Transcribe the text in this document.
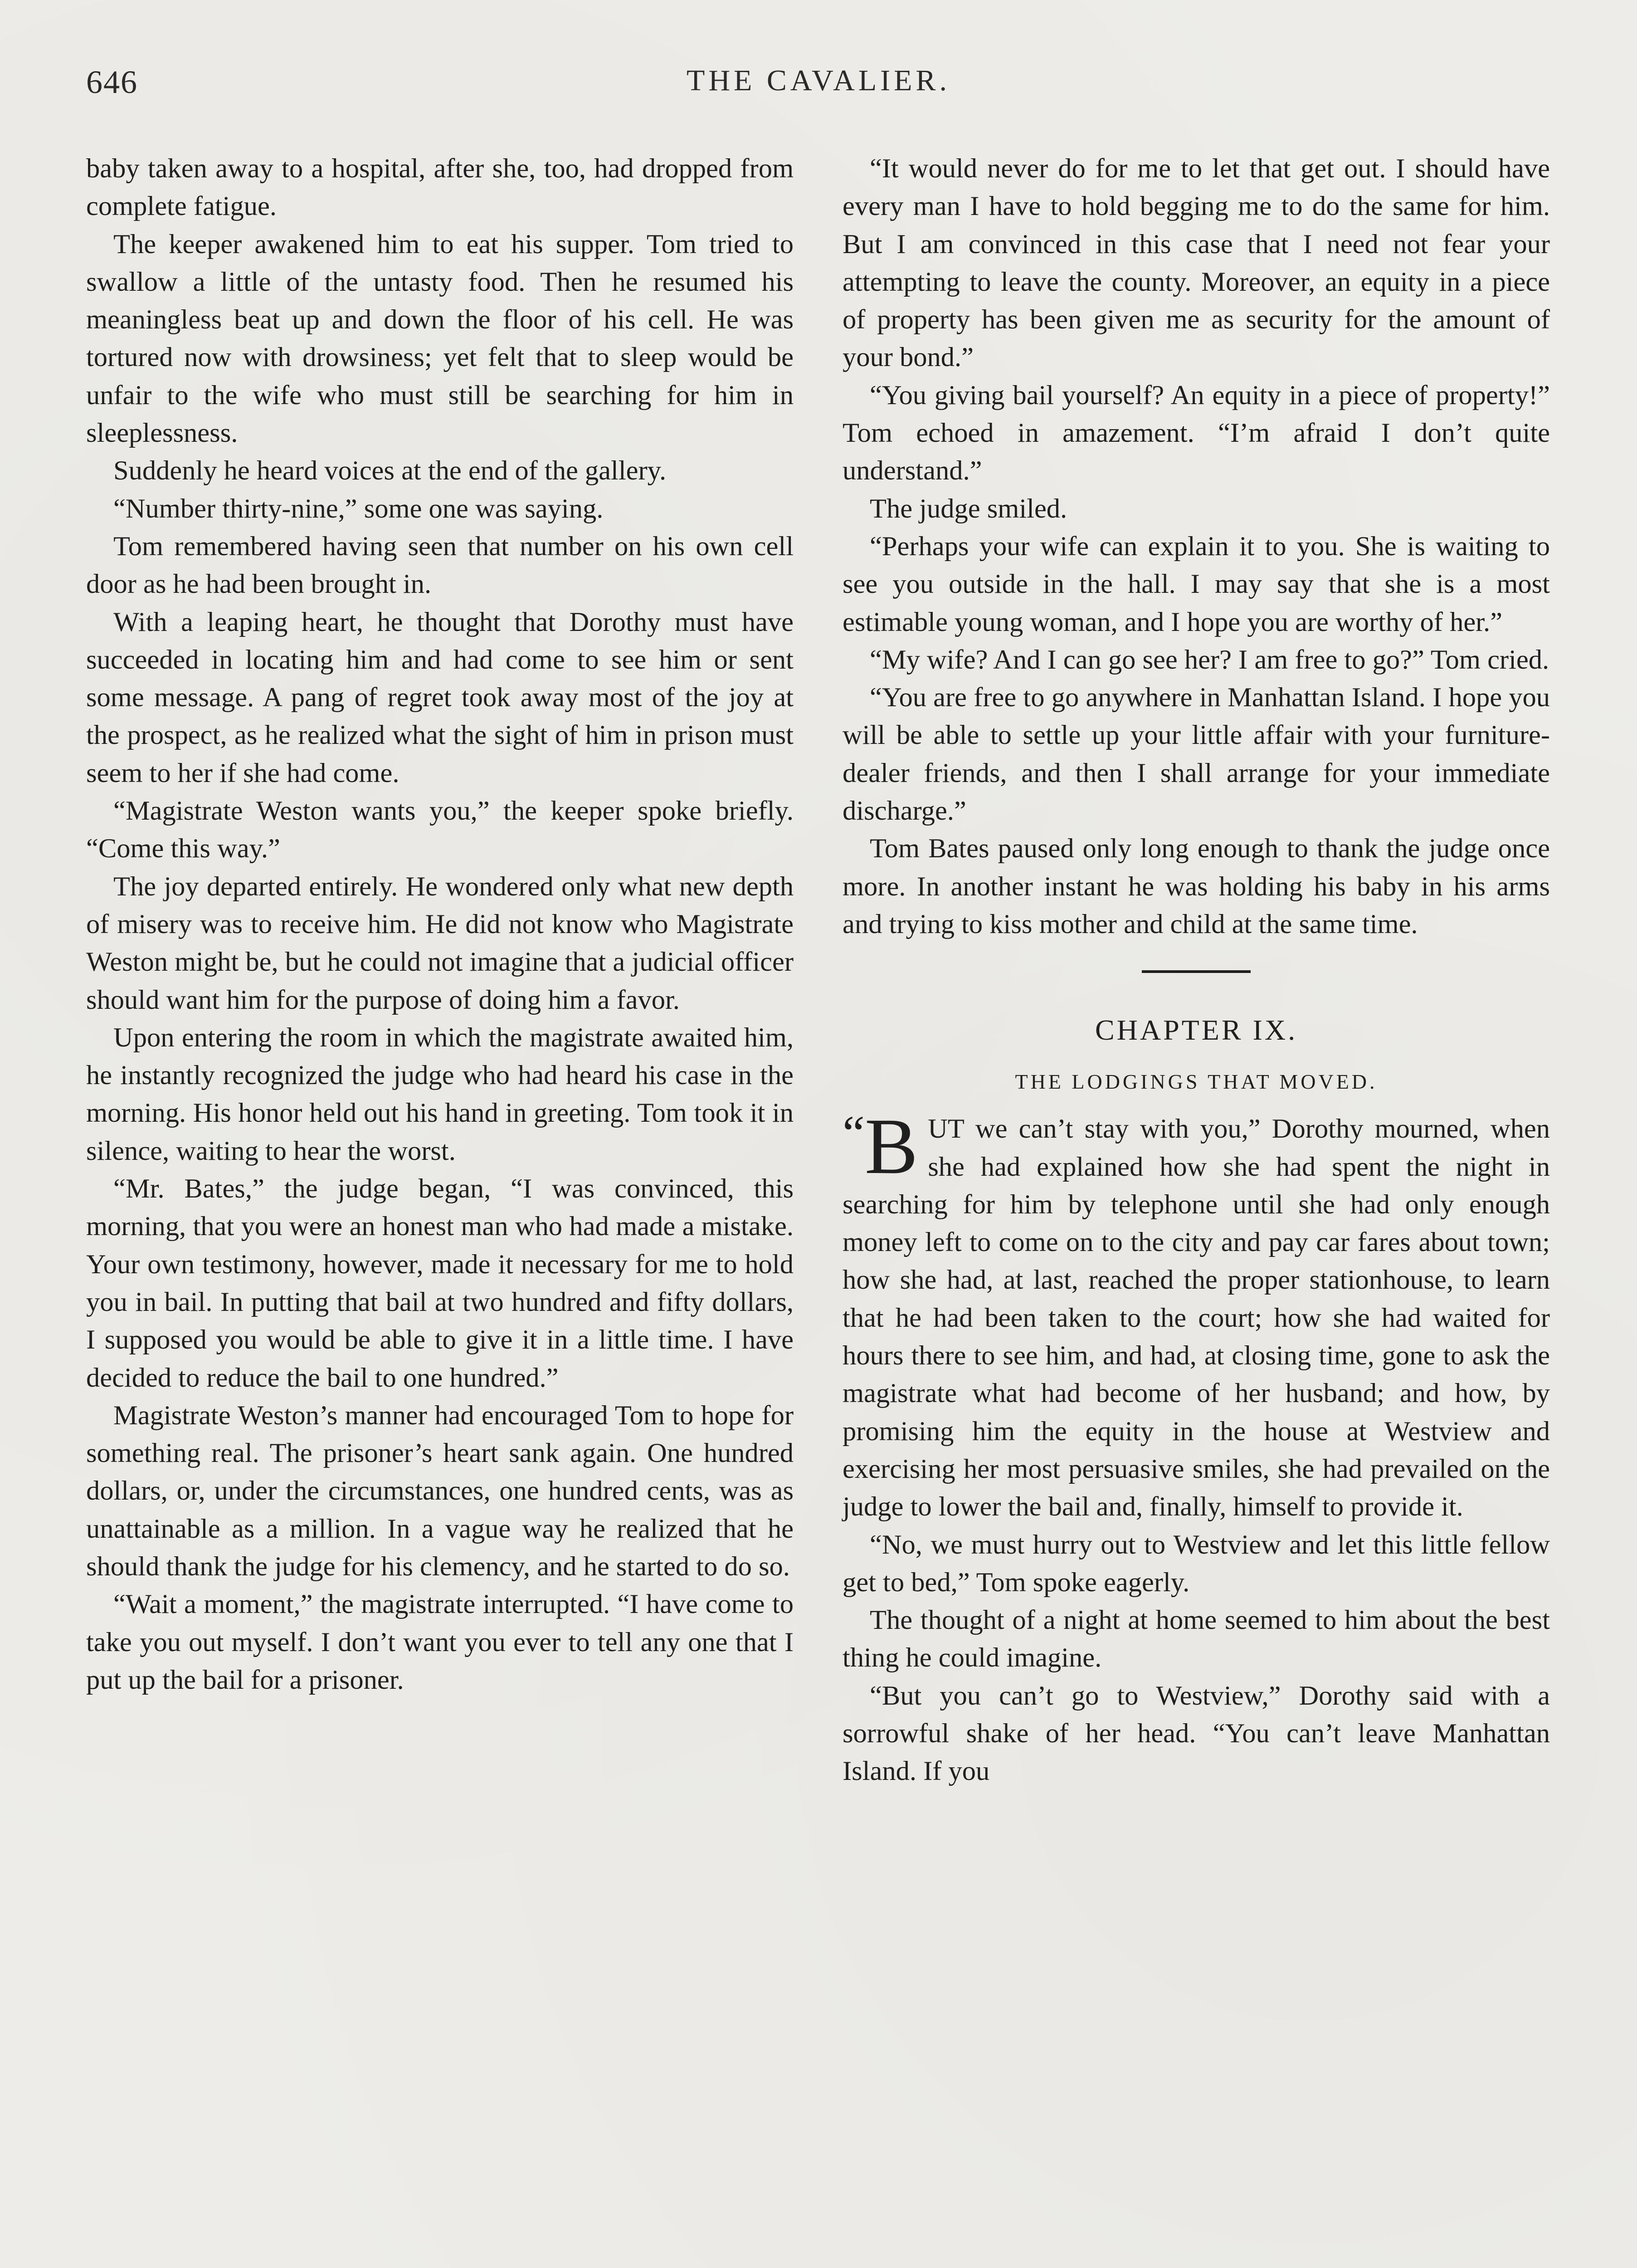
646	THE CAVALIER.

baby taken away to a hospital, after she, too, had dropped from complete fatigue.

The keeper awakened him to eat his supper. Tom tried to swallow a little of the untasty food. Then he resumed his meaningless beat up and down the floor of his cell. He was tortured now with drowsiness; yet felt that to sleep would be unfair to the wife who must still be searching for him in sleeplessness.

Suddenly he heard voices at the end of the gallery.

“Number thirty-nine,” some one was saying.

Tom remembered having seen that number on his own cell door as he had been brought in.

With a leaping heart, he thought that Dorothy must have succeeded in locating him and had come to see him or sent some message. A pang of regret took away most of the joy at the prospect, as he realized what the sight of him in prison must seem to her if she had come.

“Magistrate Weston wants you,” the keeper spoke briefly. “Come this way.”

The joy departed entirely. He wondered only what new depth of misery was to receive him. He did not know who Magistrate Weston might be, but he could not imagine that a judicial officer should want him for the purpose of doing him a favor.

Upon entering the room in which the magistrate awaited him, he instantly recognized the judge who had heard his case in the morning. His honor held out his hand in greeting. Tom took it in silence, waiting to hear the worst.

“Mr. Bates,” the judge began, “I was convinced, this morning, that you were an honest man who had made a mistake. Your own testimony, however, made it necessary for me to hold you in bail. In putting that bail at two hundred and fifty dollars, I supposed you would be able to give it in a little time. I have decided to reduce the bail to one hundred.”

Magistrate Weston’s manner had encouraged Tom to hope for something real. The prisoner’s heart sank again. One hundred dollars, or, under the circumstances, one hundred cents, was as unattainable as a million. In a vague way he realized that he should thank the judge for his clemency, and he started to do so.

“Wait a moment,” the magistrate interrupted. “I have come to take you out myself. I don’t want you ever to tell any one that I put up the bail for a prisoner.

“It would never do for me to let that get out. I should have every man I have to hold begging me to do the same for him. But I am convinced in this case that I need not fear your attempting to leave the county. Moreover, an equity in a piece of property has been given me as security for the amount of your bond.”

“You giving bail yourself? An equity in a piece of property!” Tom echoed in amazement. “I’m afraid I don’t quite understand.”

The judge smiled.

“Perhaps your wife can explain it to you. She is waiting to see you outside in the hall. I may say that she is a most estimable young woman, and I hope you are worthy of her.”

“My wife? And I can go see her? I am free to go?” Tom cried.

“You are free to go anywhere in Manhattan Island. I hope you will be able to settle up your little affair with your furniture-dealer friends, and then I shall arrange for your immediate discharge.”

Tom Bates paused only long enough to thank the judge once more. In another instant he was holding his baby in his arms and trying to kiss mother and child at the same time.

CHAPTER IX.
THE LODGINGS THAT MOVED.

“B UT we can’t stay with you,” Dorothy mourned, when she had explained how she had spent the night in searching for him by telephone until she had only enough money left to come on to the city and pay car fares about town; how she had, at last, reached the proper stationhouse, to learn that he had been taken to the court; how she had waited for hours there to see him, and had, at closing time, gone to ask the magistrate what had become of her husband; and how, by promising him the equity in the house at Westview and exercising her most persuasive smiles, she had prevailed on the judge to lower the bail and, finally, himself to provide it.

“No, we must hurry out to Westview and let this little fellow get to bed,” Tom spoke eagerly.

The thought of a night at home seemed to him about the best thing he could imagine.

“But you can’t go to Westview,” Dorothy said with a sorrowful shake of her head. “You can’t leave Manhattan Island. If you
